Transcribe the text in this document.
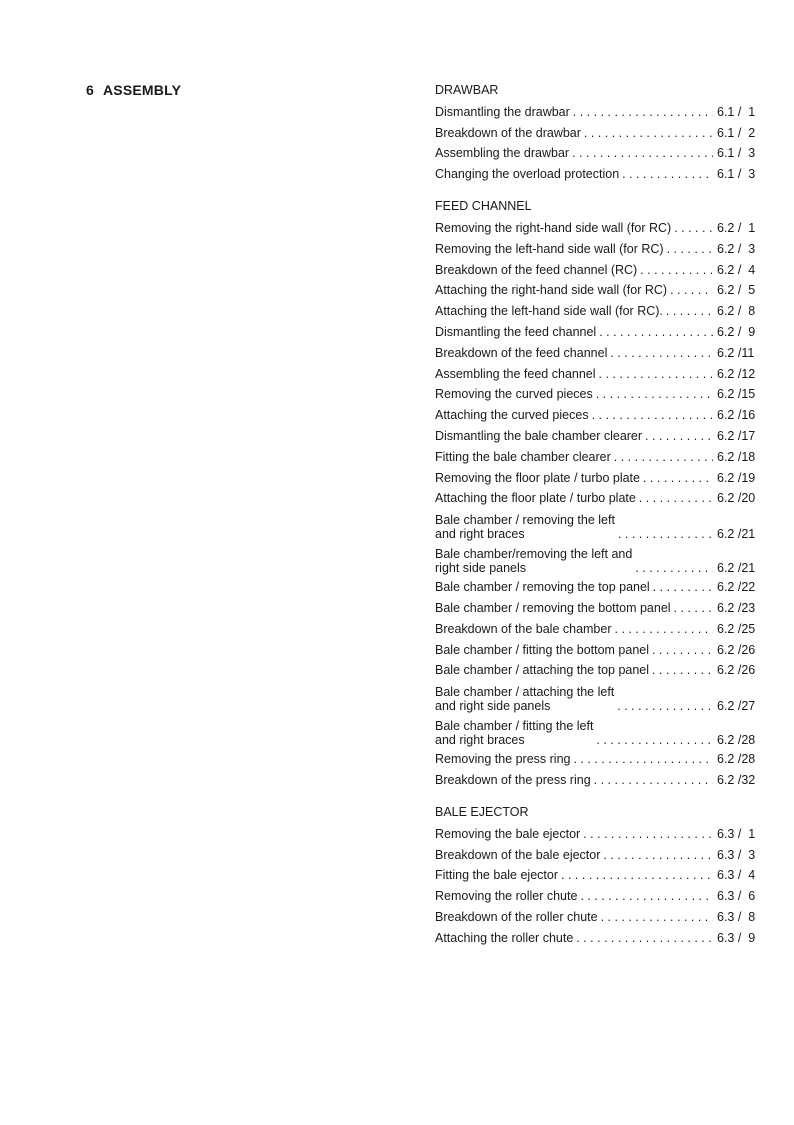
6 ASSEMBLY	DRAWBAR
Dismantling the drawbar . . .	6.1 /  1
Breakdown of the drawbar . . .	6.1 /  2
Assembling the drawbar . . .	6.1 /  3
Changing the overload protection . . .	6.1 /  3
FEED CHANNEL
Removing the right-hand side wall (for RC) . . .	6.2 /  1
Removing the left-hand side wall (for RC) . . .	6.2 /  3
Breakdown of the feed channel (RC) . . .	6.2 /  4
Attaching the right-hand side wall (for RC) . . .	6.2 /  5
Attaching the left-hand side wall (for RC). . . .	6.2 /  8
Dismantling the feed channel . . .	6.2 /  9
Breakdown of the feed channel . . .	6.2 /11
Assembling the feed channel . . .	6.2 /12
Removing the curved pieces . . .	6.2 /15
Attaching the curved pieces . . .	6.2 /16
Dismantling the bale chamber clearer . . .	6.2 /17
Fitting the bale chamber clearer . . .	6.2 /18
Removing the floor plate / turbo plate . . .	6.2 /19
Attaching the floor plate / turbo plate . . .	6.2 /20
Bale chamber / removing the left
and right braces . . .	6.2 /21
Bale chamber/removing the left and
right side panels . . .	6.2 /21
Bale chamber / removing the top panel . . .	6.2 /22
Bale chamber / removing the bottom panel . . .	6.2 /23
Breakdown of the bale chamber . . .	6.2 /25
Bale chamber / fitting the bottom panel . . .	6.2 /26
Bale chamber / attaching the top panel . . .	6.2 /26
Bale chamber / attaching the left
and right side panels . . .	6.2 /27
Bale chamber / fitting the left
and right braces . . .	6.2 /28
Removing the press ring . . .	6.2 /28
Breakdown of the press ring . . .	6.2 /32
BALE EJECTOR
Removing the bale ejector . . .	6.3 /  1
Breakdown of the bale ejector . . .	6.3 /  3
Fitting the bale ejector . . .	6.3 /  4
Removing the roller chute . . .	6.3 /  6
Breakdown of the roller chute . . .	6.3 /  8
Attaching the roller chute . . .	6.3 /  9
